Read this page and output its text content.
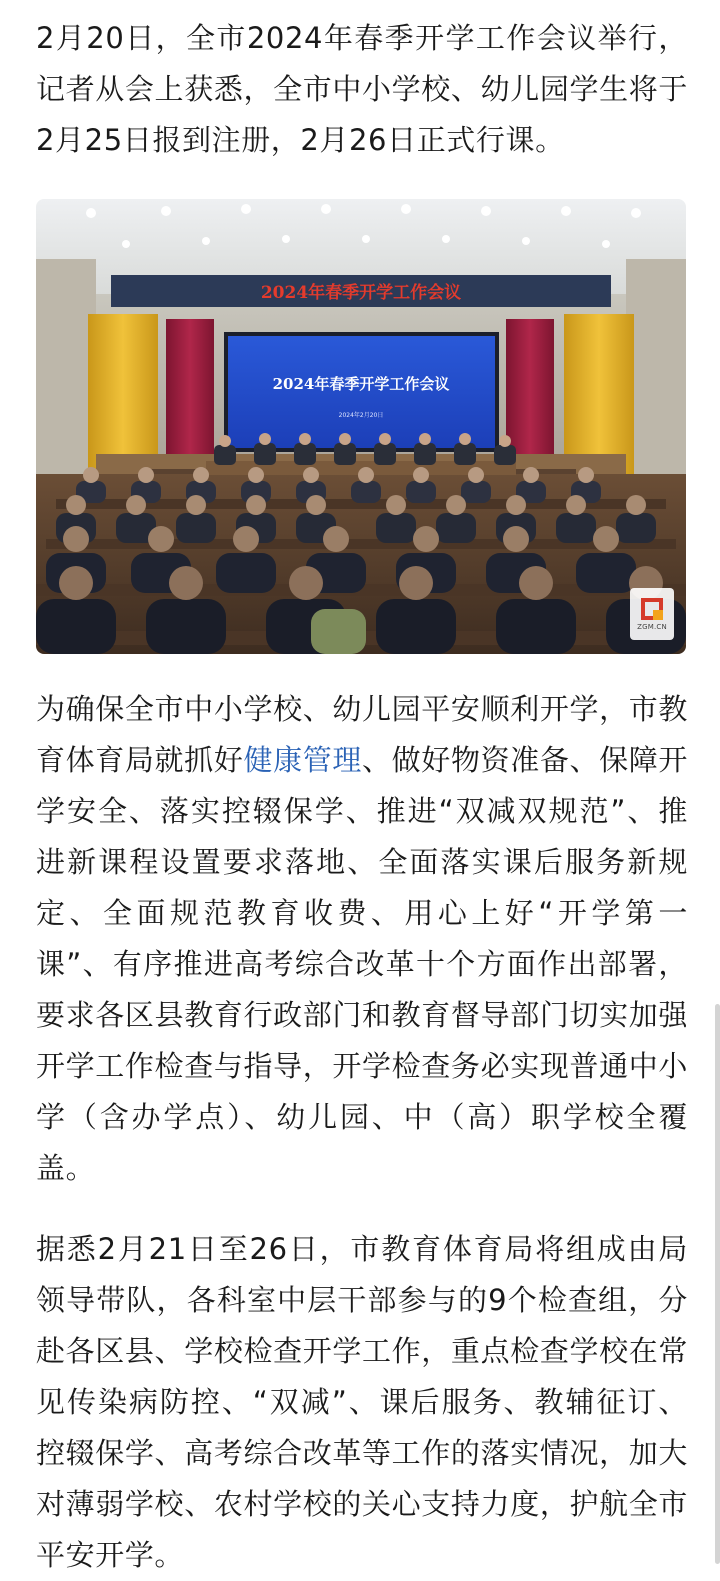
2月20日，全市2024年春季开学工作会议举行，记者从会上获悉，全市中小学校、幼儿园学生将于2月25日报到注册，2月26日正式行课。

2024年春季开学工作会议
2024年春季开学工作会议
2024年2月20日
ZGM.CN

为确保全市中小学校、幼儿园平安顺利开学，市教育体育局就抓好健康管理、做好物资准备、保障开学安全、落实控辍保学、推进“双减双规范”、推进新课程设置要求落地、全面落实课后服务新规定、全面规范教育收费、用心上好“开学第一课”、有序推进高考综合改革十个方面作出部署，要求各区县教育行政部门和教育督导部门切实加强开学工作检查与指导，开学检查务必实现普通中小学（含办学点）、幼儿园、中（高）职学校全覆盖。

据悉2月21日至26日，市教育体育局将组成由局领导带队，各科室中层干部参与的9个检查组，分赴各区县、学校检查开学工作，重点检查学校在常见传染病防控、“双减”、课后服务、教辅征订、控辍保学、高考综合改革等工作的落实情况，加大对薄弱学校、农村学校的关心支持力度，护航全市平安开学。
